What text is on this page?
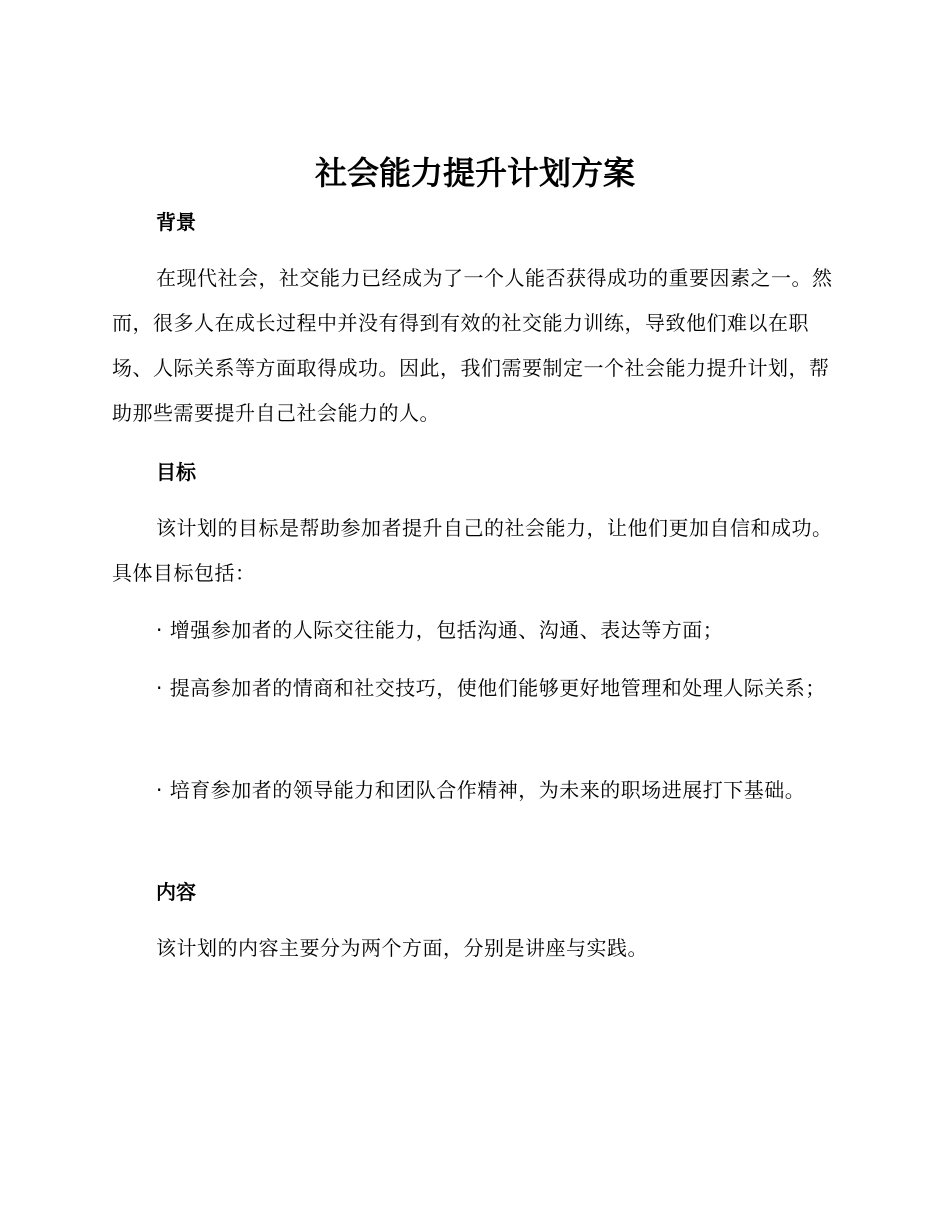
社会能力提升计划方案
背景

在现代社会，社交能力已经成为了一个人能否获得成功的重要因素之一。然而，很多人在成长过程中并没有得到有效的社交能力训练，导致他们难以在职场、人际关系等方面取得成功。因此，我们需要制定一个社会能力提升计划，帮助那些需要提升自己社会能力的人。

目标

该计划的目标是帮助参加者提升自己的社会能力，让他们更加自信和成功。具体目标包括：

· 增强参加者的人际交往能力，包括沟通、沟通、表达等方面；

· 提高参加者的情商和社交技巧，使他们能够更好地管理和处理人际关系；

· 培育参加者的领导能力和团队合作精神，为未来的职场进展打下基础。

内容

该计划的内容主要分为两个方面，分别是讲座与实践。
